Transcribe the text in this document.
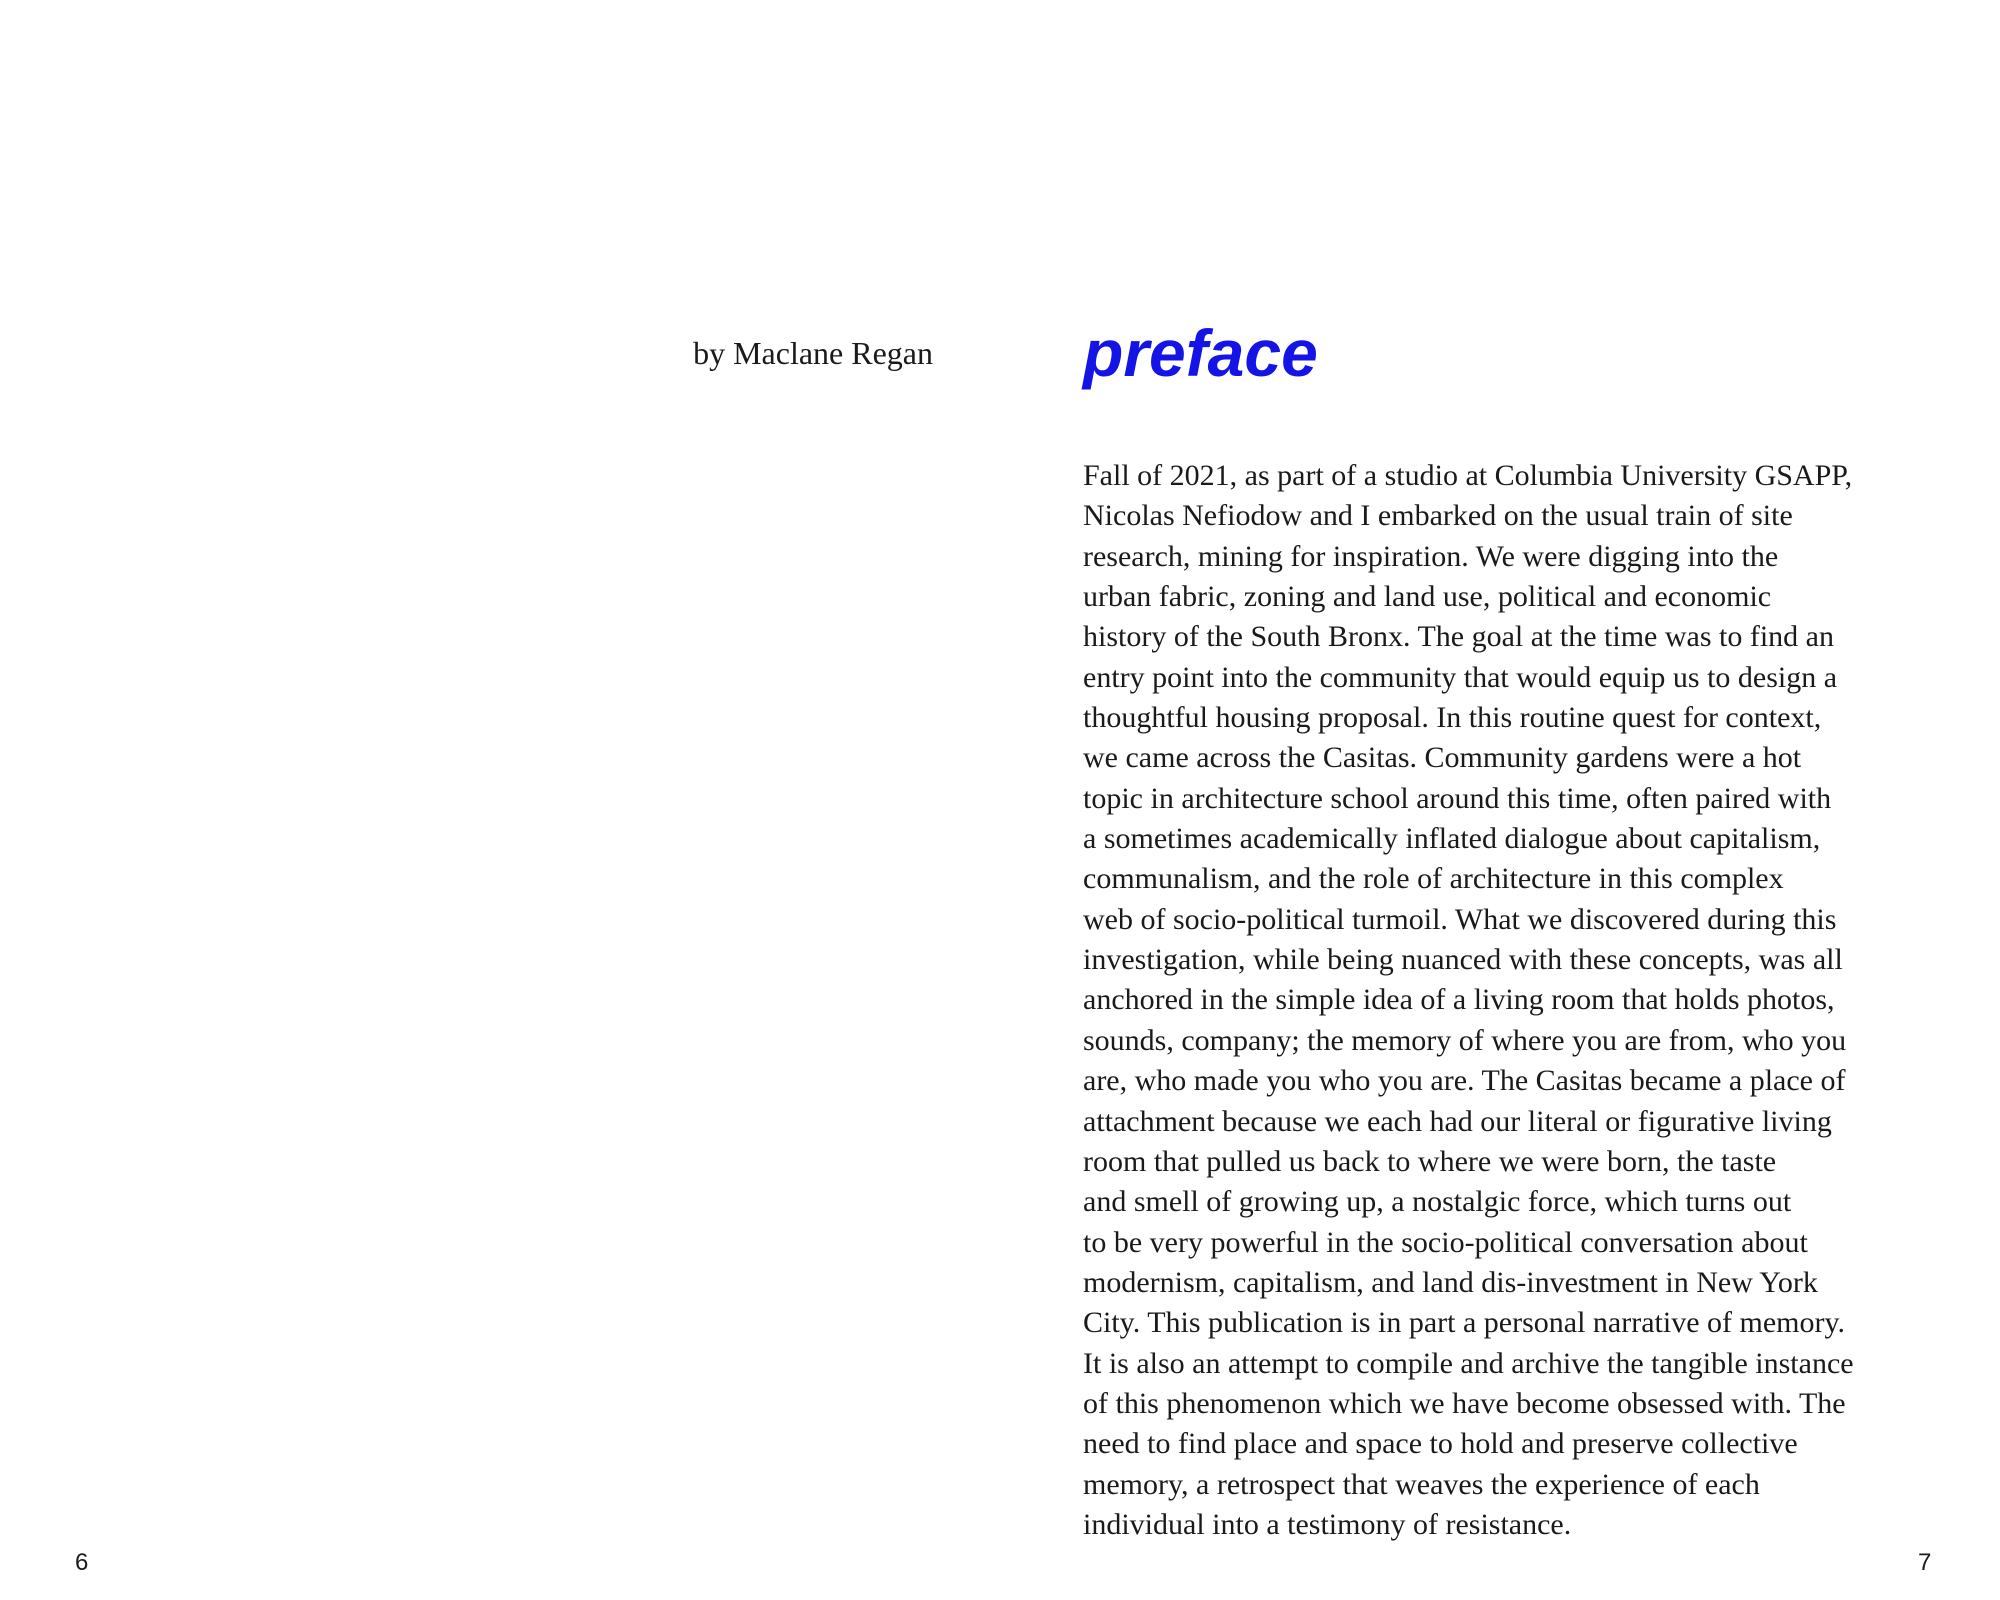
by Maclane Regan preface
Fall of 2021, as part of a studio at Columbia University GSAPP,
Nicolas Nefiodow and I embarked on the usual train of site
research, mining for inspiration. We were digging into the
urban fabric, zoning and land use, political and economic
history of the South Bronx. The goal at the time was to find an
entry point into the community that would equip us to design a
thoughtful housing proposal. In this routine quest for context,
we came across the Casitas. Community gardens were a hot
topic in architecture school around this time, often paired with
a sometimes academically inflated dialogue about capitalism,
communalism, and the role of architecture in this complex
web of socio-political turmoil. What we discovered during this
investigation, while being nuanced with these concepts, was all
anchored in the simple idea of a living room that holds photos,
sounds, company; the memory of where you are from, who you
are, who made you who you are. The Casitas became a place of
attachment because we each had our literal or figurative living
room that pulled us back to where we were born, the taste
and smell of growing up, a nostalgic force, which turns out
to be very powerful in the socio-political conversation about
modernism, capitalism, and land dis-investment in New York
City. This publication is in part a personal narrative of memory.
It is also an attempt to compile and archive the tangible instance
of this phenomenon which we have become obsessed with. The
need to find place and space to hold and preserve collective
memory, a retrospect that weaves the experience of each
individual into a testimony of resistance.

6	7
